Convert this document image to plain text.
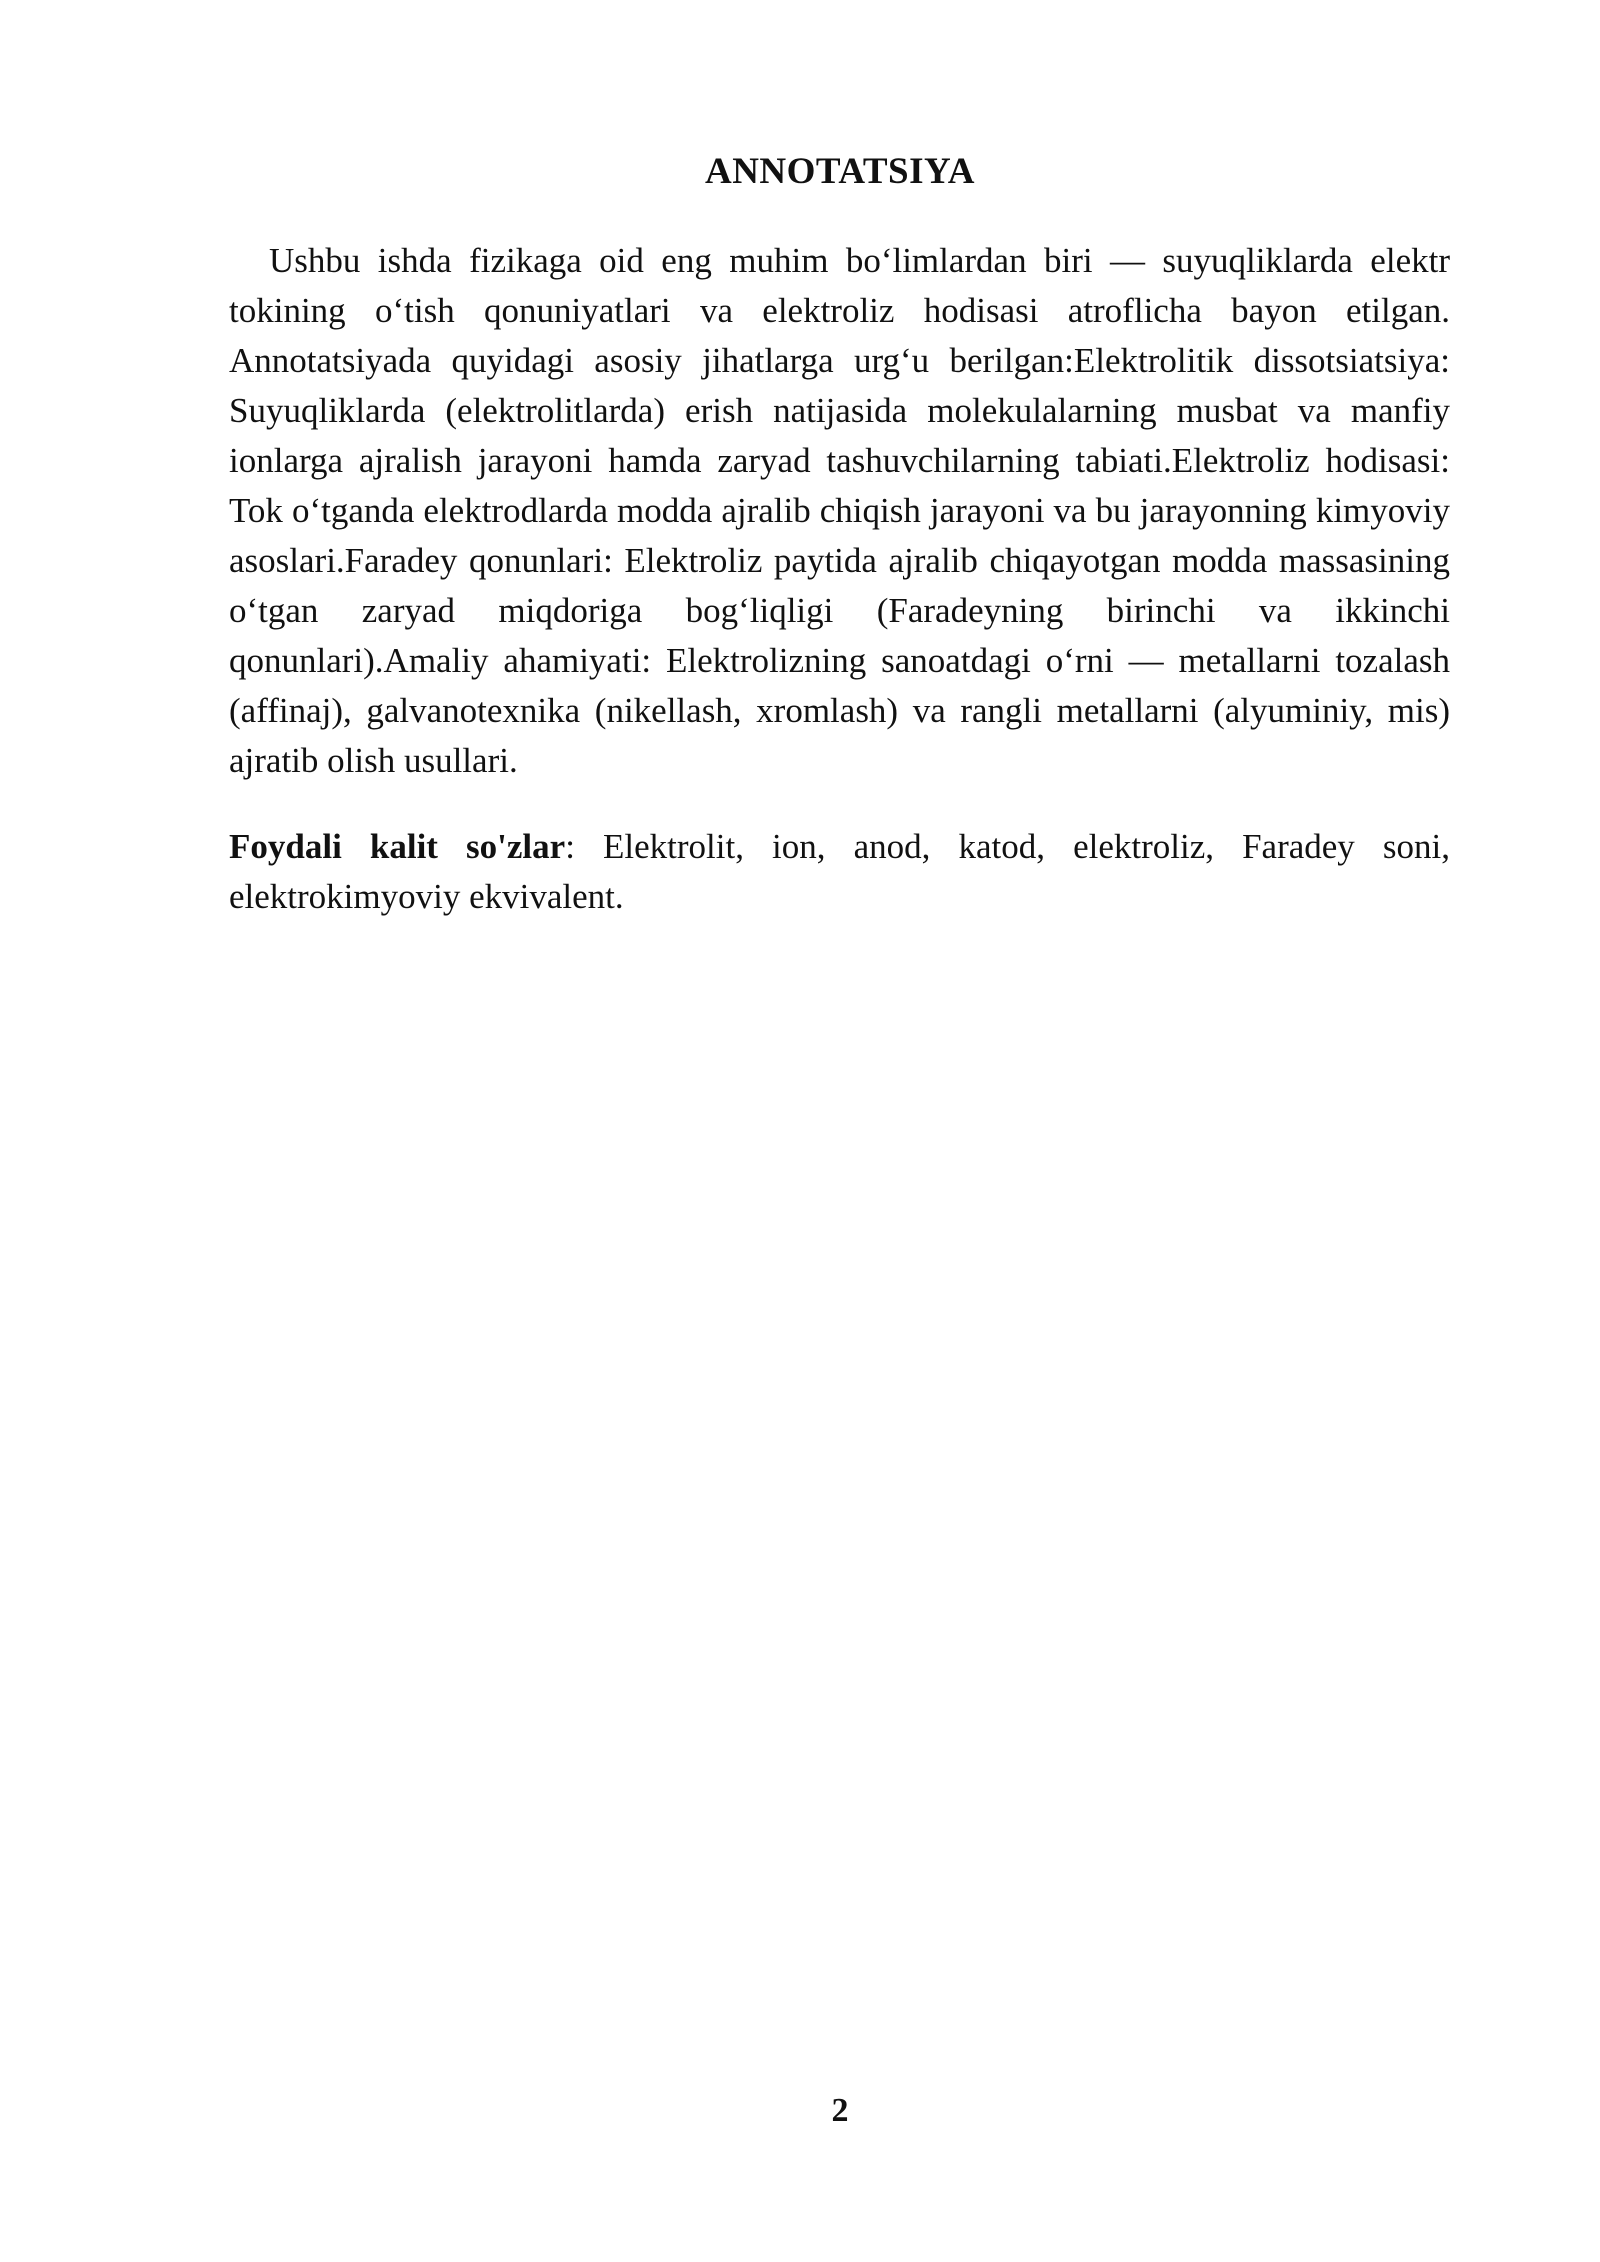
ANNOTATSIYA

Ushbu ishda fizikaga oid eng muhim bo‘limlardan biri — suyuqliklarda elektr tokining o‘tish qonuniyatlari va elektroliz hodisasi atroflicha bayon etilgan. Annotatsiyada quyidagi asosiy jihatlarga urg‘u berilgan:Elektrolitik dissotsiatsiya: Suyuqliklarda (elektrolitlarda) erish natijasida molekulalarning musbat va manfiy ionlarga ajralish jarayoni hamda zaryad tashuvchilarning tabiati.Elektroliz hodisasi: Tok o‘tganda elektrodlarda modda ajralib chiqish jarayoni va bu jarayonning kimyoviy asoslari.Faradey qonunlari: Elektroliz paytida ajralib chiqayotgan modda massasining o‘tgan zaryad miqdoriga bog‘liqligi (Faradeyning birinchi va ikkinchi qonunlari).Amaliy ahamiyati: Elektrolizning sanoatdagi o‘rni — metallarni tozalash (affinaj), galvanotexnika (nikellash, xromlash) va rangli metallarni (alyuminiy, mis) ajratib olish usullari.

Foydali kalit so'zlar: Elektrolit, ion, anod, katod, elektroliz, Faradey soni, elektrokimyoviy ekvivalent.

2
